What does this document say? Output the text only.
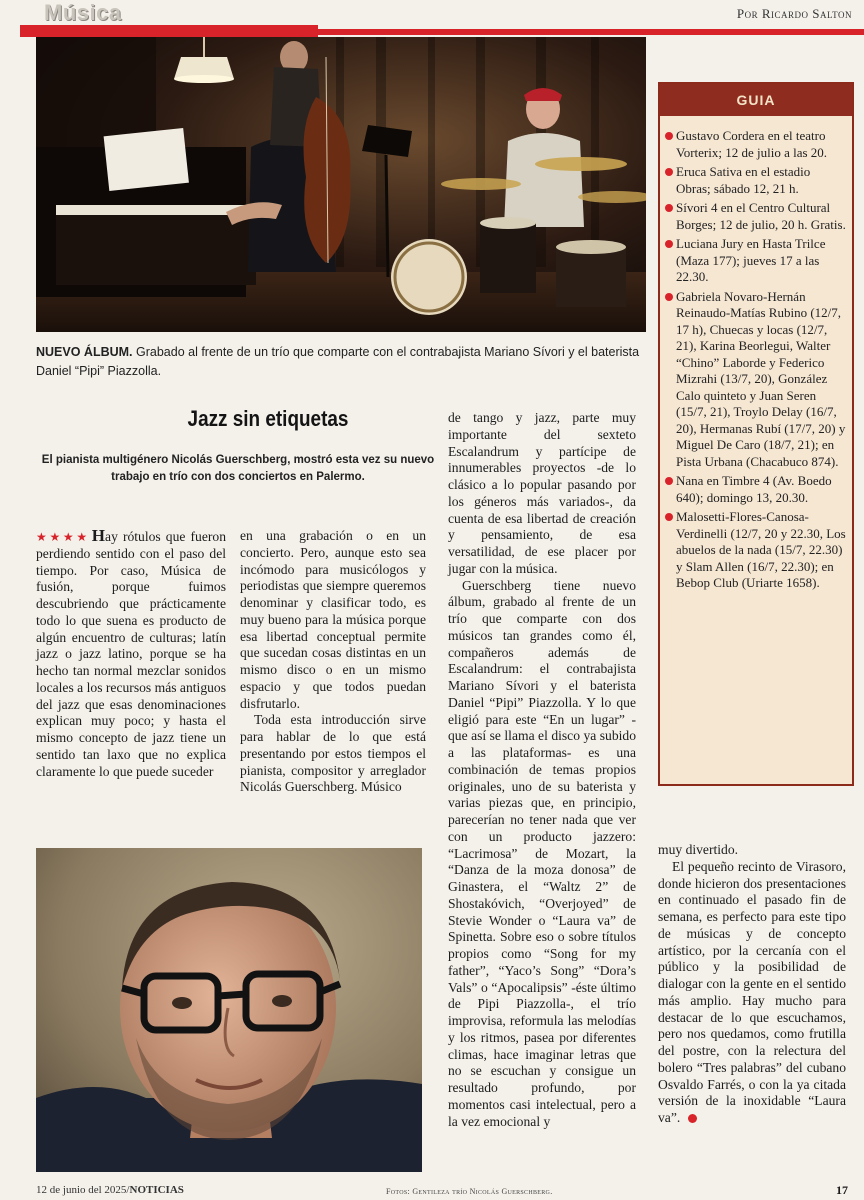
Música	Por Ricardo Salton
NUEVO ÁLBUM. Grabado al frente de un trío que comparte con el contrabajista Mariano Sívori y el baterista Daniel “Pipi” Piazzolla.
GUIA
Gustavo Cordera en el teatro Vorterix; 12 de julio a las 20.
Eruca Sativa en el estadio Obras; sábado 12, 21 h.
Sívori 4 en el Centro Cultural Borges; 12 de julio, 20 h. Gratis.
Luciana Jury en Hasta Trilce (Maza 177); jueves 17 a las 22.30.
Gabriela Novaro-Hernán Reinaudo-Matías Rubino (12/7, 17 h), Chuecas y locas (12/7, 21), Karina Beorlegui, Walter “Chino” Laborde y Federico Mizrahi (13/7, 20), González Calo quinteto y Juan Seren (15/7, 21), Troylo Delay (16/7, 20), Hermanas Rubí (17/7, 20) y Miguel De Caro (18/7, 21); en Pista Urbana (Chacabuco 874).
Nana en Timbre 4 (Av. Boedo 640); domingo 13, 20.30.
Malosetti-Flores-Canosa-Verdinelli (12/7, 20 y 22.30, Los abuelos de la nada (15/7, 22.30) y Slam Allen (16/7, 22.30); en Bebop Club (Uriarte 1658).
Jazz sin etiquetas
El pianista multigénero Nicolás Guerschberg, mostró esta vez su nuevo trabajo en trío con dos conciertos en Palermo.

★★★★ Hay rótulos que fueron perdiendo sentido con el paso del tiempo. Por caso, Música de fusión, porque fuimos descubriendo que prácticamente todo lo que suena es producto de algún encuentro de culturas; latín jazz o jazz latino, porque se ha hecho tan normal mezclar sonidos locales a los recursos más antiguos del jazz que esas denominaciones explican muy poco; y hasta el mismo concepto de jazz tiene un sentido tan laxo que no explica claramente lo que puede suceder

en una grabación o en un concierto. Pero, aunque esto sea incómodo para musicólogos y periodistas que siempre queremos denominar y clasificar todo, es muy bueno para la música porque esa libertad conceptual permite que sucedan cosas distintas en un mismo disco o en un mismo espacio y que todos puedan disfrutarlo.

Toda esta introducción sirve para hablar de lo que está presentando por estos tiempos el pianista, compositor y arreglador Nicolás Guerschberg. Músico

de tango y jazz, parte muy importante del sexteto Escalandrum y partícipe de innumerables proyectos -de lo clásico a lo popular pasando por los géneros más variados-, da cuenta de esa libertad de creación y pensamiento, de esa versatilidad, de ese placer por jugar con la música.

Guerschberg tiene nuevo álbum, grabado al frente de un trío que comparte con dos músicos tan grandes como él, compañeros además de Escalandrum: el contrabajista Mariano Sívori y el baterista Daniel “Pipi” Piazzolla. Y lo que eligió para este “En un lugar” -que así se llama el disco ya subido a las plataformas- es una combinación de temas propios originales, uno de su baterista y varias piezas que, en principio, parecerían no tener nada que ver con un producto jazzero: “Lacrimosa” de Mozart, la “Danza de la moza donosa” de Ginastera, el “Waltz 2” de Shostakóvich, “Overjoyed” de Stevie Wonder o “Laura va” de Spinetta. Sobre eso o sobre títulos propios como “Song for my father”, “Yaco’s Song” “Dora’s Vals” o “Apocalipsis” -éste último de Pipi Piazzolla-, el trío improvisa, reformula las melodías y los ritmos, pasea por diferentes climas, hace imaginar letras que no se escuchan y consigue un resultado profundo, por momentos casi intelectual, pero a la vez emocional y

muy divertido.

El pequeño recinto de Virasoro, donde hicieron dos presentaciones en continuado el pasado fin de semana, es perfecto para este tipo de músicas y de concepto artístico, por la cercanía con el público y la posibilidad de dialogar con la gente en el sentido más amplio. Hay mucho para destacar de lo que escuchamos, pero nos quedamos, como frutilla del postre, con la relectura del bolero “Tres palabras” del cubano Osvaldo Farrés, o con la ya citada versión de la inoxidable “Laura va”.

12 de junio del 2025/NOTICIAS	Fotos: Gentileza trío Nicolás Guerschberg.	17
